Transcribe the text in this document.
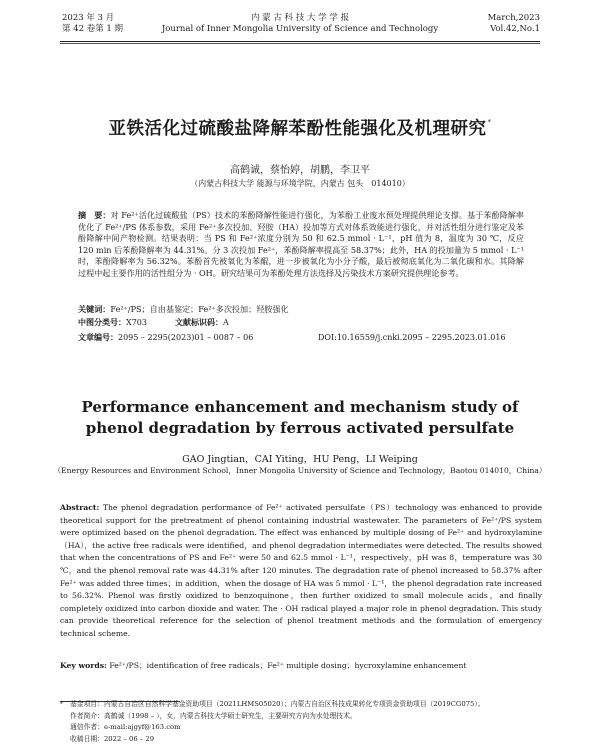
2023 年 3 月
第 42 卷第 1 期
内 蒙 古 科 技 大 学 学 报
Journal of Inner Mongolia University of Science and Technology
March,2023
Vol.42,No.1
亚铁活化过硫酸盐降解苯酚性能强化及机理研究*
高鹤诚，蔡怡婷，胡鹏，李卫平
（内蒙古科技大学 能源与环境学院，内蒙古 包头　014010）
摘　要：对 Fe²⁺活化过硫酸盐（PS）技术的苯酚降解性能进行强化，为苯酚工业废水预处理提供理论支撑。基于苯酚降解率优化了 Fe²⁺/PS 体系参数，采用 Fe²⁺多次投加、羟胺（HA）投加等方式对体系效能进行强化，并对活性组分进行鉴定及苯酚降解中间产物检测。结果表明：当 PS 和 Fe²⁺浓度分别为 50 和 62.5 mmol · L⁻¹，pH 值为 8，温度为 30 ℃，反应 120 min 后苯酚降解率为 44.31%。分 3 次投加 Fe²⁺，苯酚降解率提高至 58.37%；此外，HA 的投加量为 5 mmol · L⁻¹时，苯酚降解率为 56.32%。苯酚首先被氧化为苯醌，进一步被氧化为小分子酸，最后被彻底氧化为二氧化碳和水。其降解过程中起主要作用的活性组分为 · OH。研究结果可为苯酚处理方法选择及污染技术方案研究提供理论参考。
关键词：Fe²⁺/PS；自由基鉴定；Fe²⁺多次投加；羟胺强化
中图分类号：X703	文献标识码：A
文章编号：2095 – 2295(2023)01 – 0087 – 06	DOI:10.16559/j.cnki.2095 – 2295.2023.01.016
Performance enhancement and mechanism study of
phenol degradation by ferrous activated persulfate
GAO Jingtian，CAI Yiting，HU Peng，LI Weiping
（Energy Resources and Environment School，Inner Mongolia University of Science and Technology，Baotou 014010，China）
Abstract: The phenol degradation performance of Fe²⁺ activated persulfate（PS）technology was enhanced to provide theoretical support for the pretreatment of phenol containing industrial wastewater. The parameters of Fe²⁺/PS system were optimized based on the phenol degradation. The effect was enhanced by multiple dosing of Fe²⁺ and hydroxylamine（HA），the active free radicals were identified，and phenol degradation intermediates were detected. The results showed that when the concentrations of PS and Fe²⁺ were 50 and 62.5 mmol · L⁻¹，respectively，pH was 8，temperature was 30 ℃，and the phenol removal rate was 44.31% after 120 minutes. The degradation rate of phenol increased to 58.37% after Fe²⁺ was added three times；in addition，when the dosage of HA was 5 mmol · L⁻¹，the phenol degradation rate increased to 56.32%. Phenol was firstly oxidized to benzoquinone，then further oxidized to small molecule acids，and finally completely oxidized into carbon dioxide and water. The · OH radical played a major role in phenol degradation. This study can provide theoretical reference for the selection of phenol treatment methods and the formulation of emergency technical scheme.
Key words: Fe²⁺/PS；identification of free radicals；Fe²⁺ multiple dosing；hycroxylamine enhancement
* 基金项目：内蒙古自治区自然科学基金资助项目（2021LHMS05020）；内蒙古自治区科技成果转化专项资金资助项目（2019CG075）。
作者简介：高鹤诚（1998 – ），女，内蒙古科技大学硕士研究生，主要研究方向为水处理技术。
通信作者：e-mail:ajgyf@163.com
收稿日期：2022 – 06 – 29
